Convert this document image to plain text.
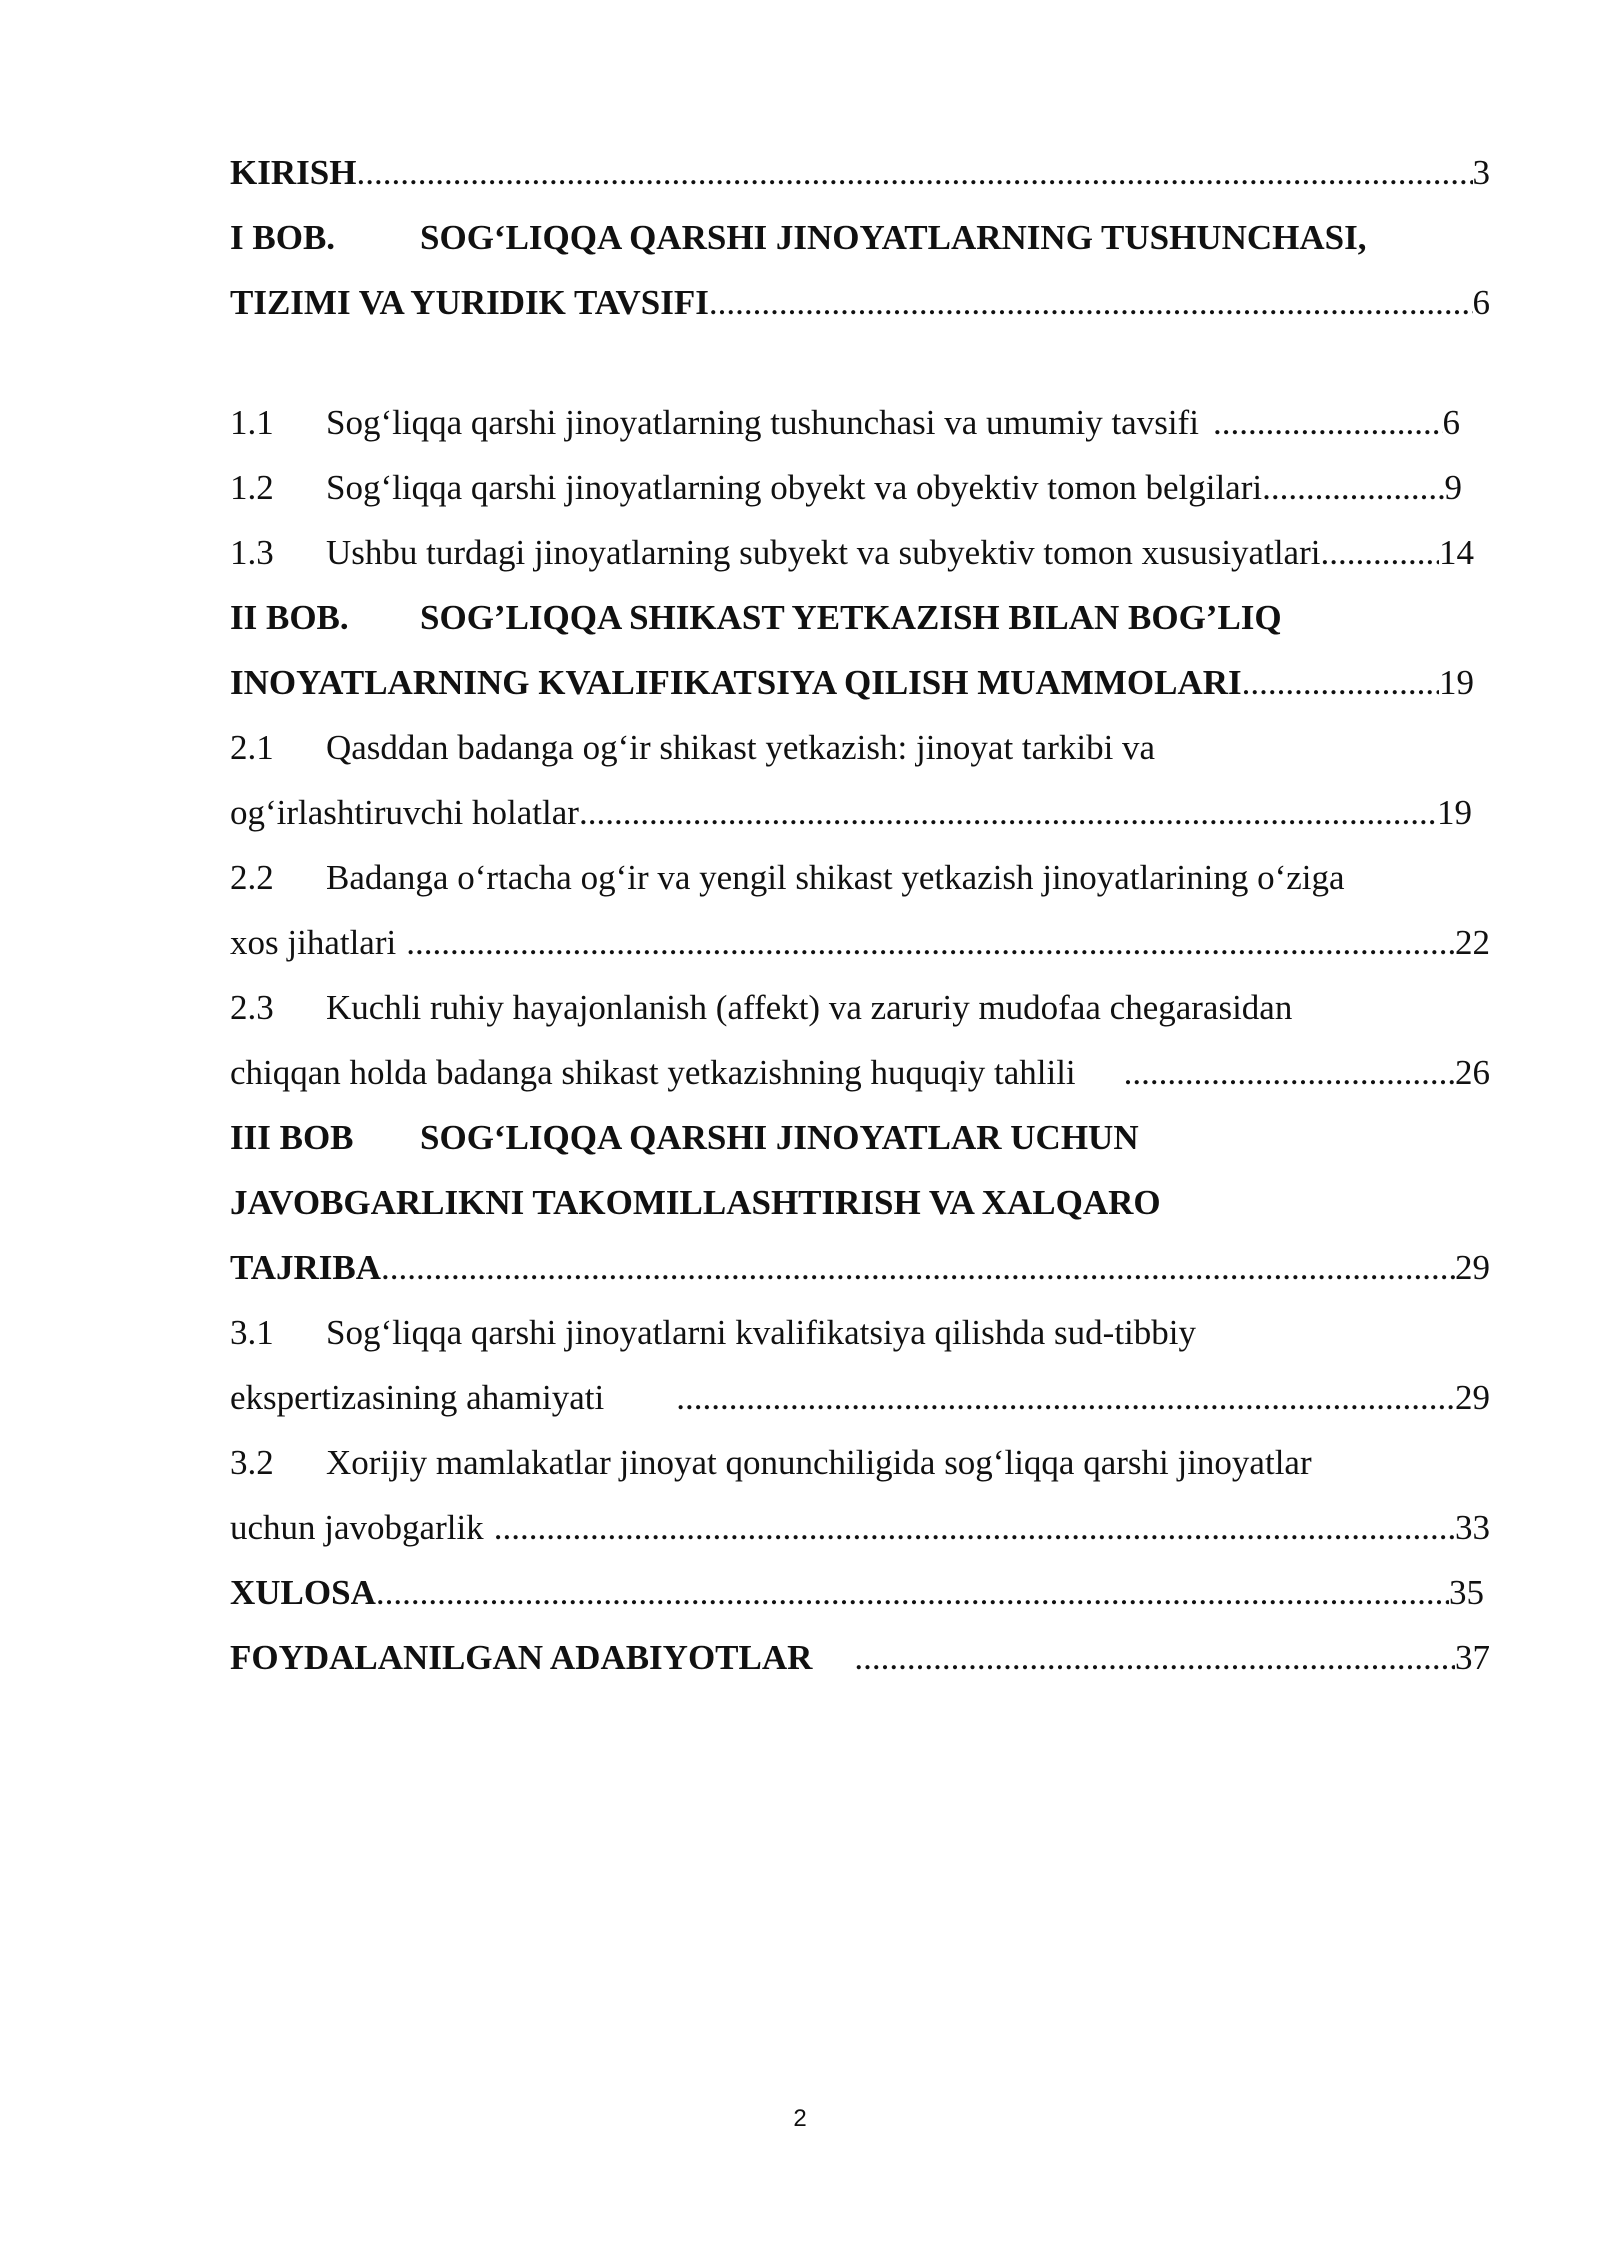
KIRISH .....	3
I BOB.	SOG‘LIQQA QARSHI JINOYATLARNING TUSHUNCHASI,
TIZIMI VA YURIDIK TAVSIFI .....	6
1.1	Sog‘liqqa qarshi jinoyatlarning tushunchasi va umumiy tavsifi .....	6
1.2	Sog‘liqqa qarshi jinoyatlarning obyekt va obyektiv tomon belgilari .....	9
1.3	Ushbu turdagi jinoyatlarning subyekt va subyektiv tomon xususiyatlari .....	14
II BOB.	SOG’LIQQA SHIKAST YETKAZISH BILAN BOG’LIQ
INOYATLARNING KVALIFIKATSIYA QILISH MUAMMOLARI .....	19
2.1	Qasddan badanga og‘ir shikast yetkazish: jinoyat tarkibi va
og‘irlashtiruvchi holatlar .....	19
2.2	Badanga o‘rtacha og‘ir va yengil shikast yetkazish jinoyatlarining o‘ziga
xos jihatlari .....	22
2.3	Kuchli ruhiy hayajonlanish (affekt) va zaruriy mudofaa chegarasidan
chiqqan holda badanga shikast yetkazishning huquqiy tahlili .....	26
III BOB	SOG‘LIQQA QARSHI JINOYATLAR UCHUN
JAVOBGARLIKNI TAKOMILLASHTIRISH VA XALQARO
TAJRIBA .....	29
3.1	Sog‘liqqa qarshi jinoyatlarni kvalifikatsiya qilishda sud-tibbiy
ekspertizasining ahamiyati .....	29
3.2	Xorijiy mamlakatlar jinoyat qonunchiligida sog‘liqqa qarshi jinoyatlar
uchun javobgarlik .....	33
XULOSA .....	35
FOYDALANILGAN ADABIYOTLAR .....	37
2
